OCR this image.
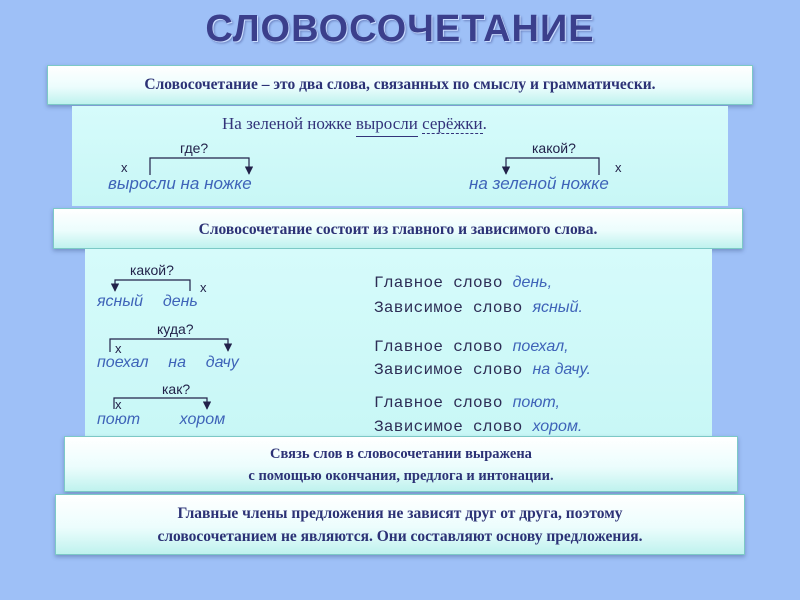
СЛОВОСОЧЕТАНИЕ
Словосочетание – это два слова, связанных по смыслу и грамматически.
На зеленой ножке выросли серёжки.
где?
x
выросли на ножке
какой?
x
на зеленой ножке
Словосочетание состоит из главного и зависимого слова.
какой?
x
ясный день
куда?
x
поехал на дачу
как?
x
поют хором
Главное слово день,
Зависимое слово ясный.
Главное слово поехал,
Зависимое слово на дачу.
Главное слово поют,
Зависимое слово хором.
Связь слов в словосочетании выражена
с помощью окончания, предлога и интонации.
Главные члены предложения не зависят друг от друга, поэтому
словосочетанием не являются. Они составляют основу предложения.
